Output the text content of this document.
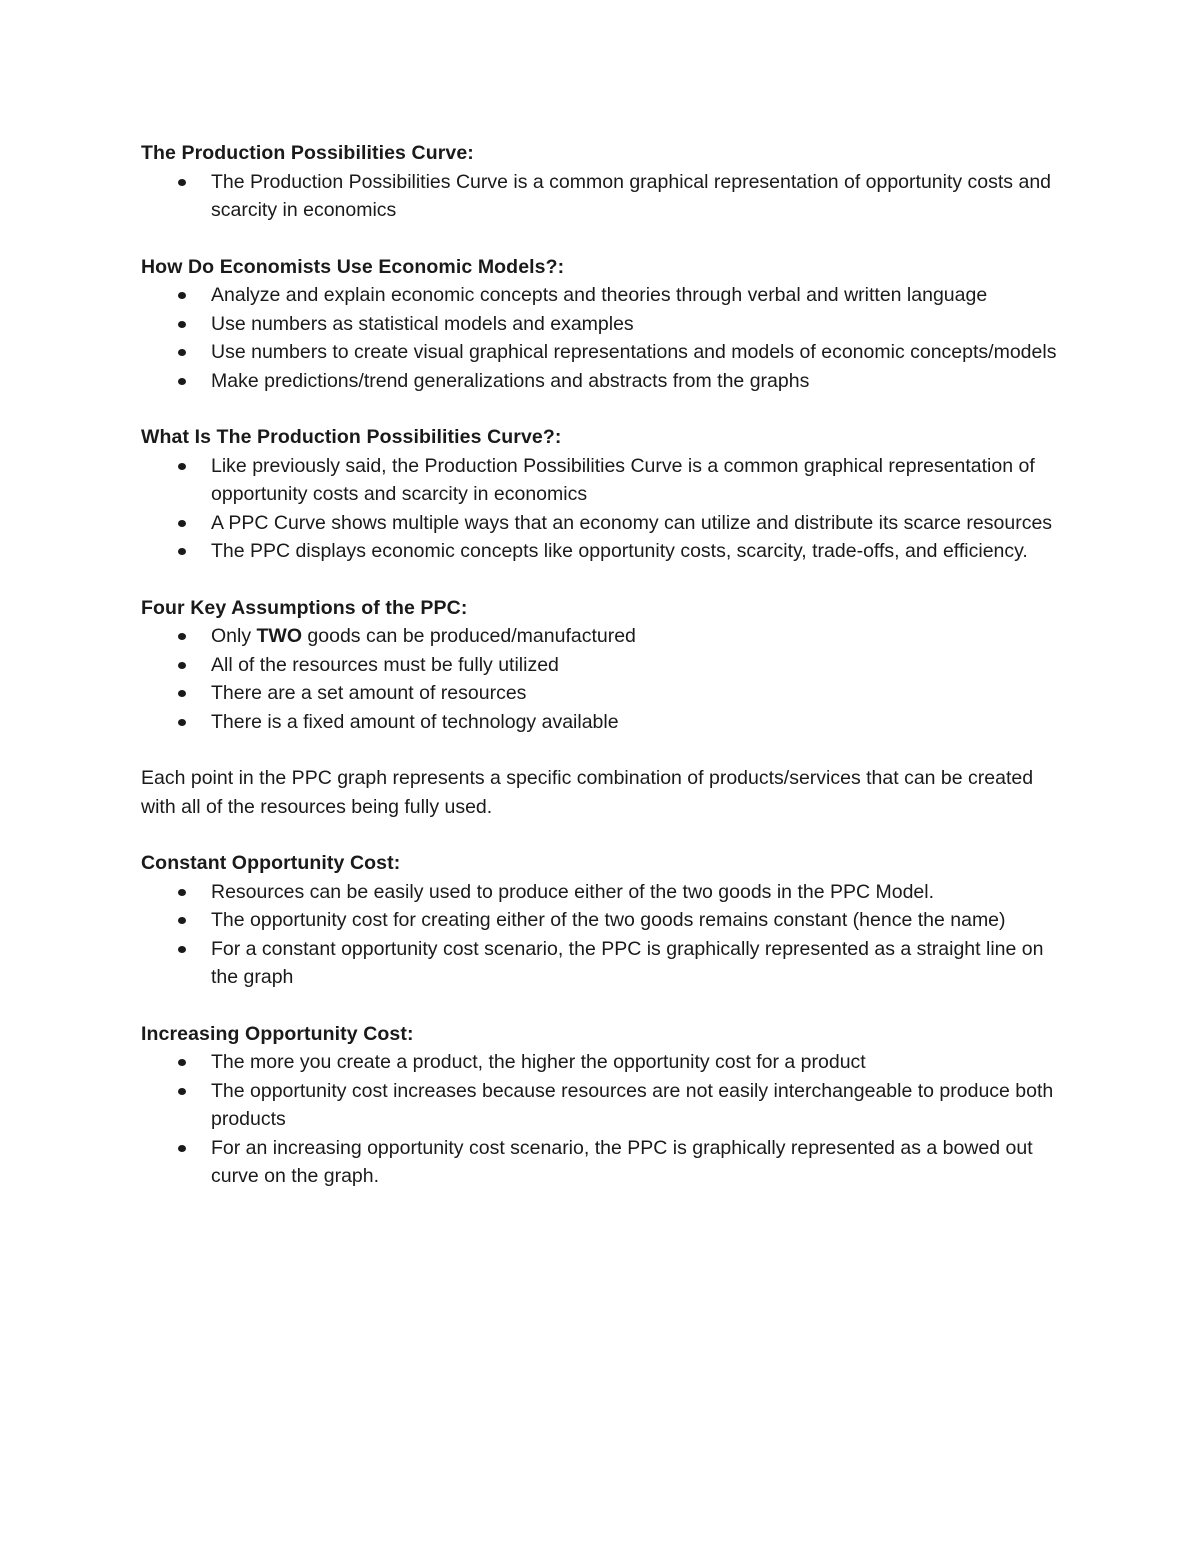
The Production Possibilities Curve:

The Production Possibilities Curve is a common graphical representation of opportunity costs and scarcity in economics

How Do Economists Use Economic Models?:

Analyze and explain economic concepts and theories through verbal and written language
Use numbers as statistical models and examples
Use numbers to create visual graphical representations and models of economic concepts/models
Make predictions/trend generalizations and abstracts from the graphs

What Is The Production Possibilities Curve?:

Like previously said, the Production Possibilities Curve is a common graphical representation of opportunity costs and scarcity in economics
A PPC Curve shows multiple ways that an economy can utilize and distribute its scarce resources
The PPC displays economic concepts like opportunity costs, scarcity, trade-offs, and efficiency.

Four Key Assumptions of the PPC:

Only TWO goods can be produced/manufactured
All of the resources must be fully utilized
There are a set amount of resources
There is a fixed amount of technology available

Each point in the PPC graph represents a specific combination of products/services that can be created with all of the resources being fully used.

Constant Opportunity Cost:

Resources can be easily used to produce either of the two goods in the PPC Model.
The opportunity cost for creating either of the two goods remains constant (hence the name)
For a constant opportunity cost scenario, the PPC is graphically represented as a straight line on the graph

Increasing Opportunity Cost:

The more you create a product, the higher the opportunity cost for a product
The opportunity cost increases because resources are not easily interchangeable to produce both products
For an increasing opportunity cost scenario, the PPC is graphically represented as a bowed out curve on the graph.
